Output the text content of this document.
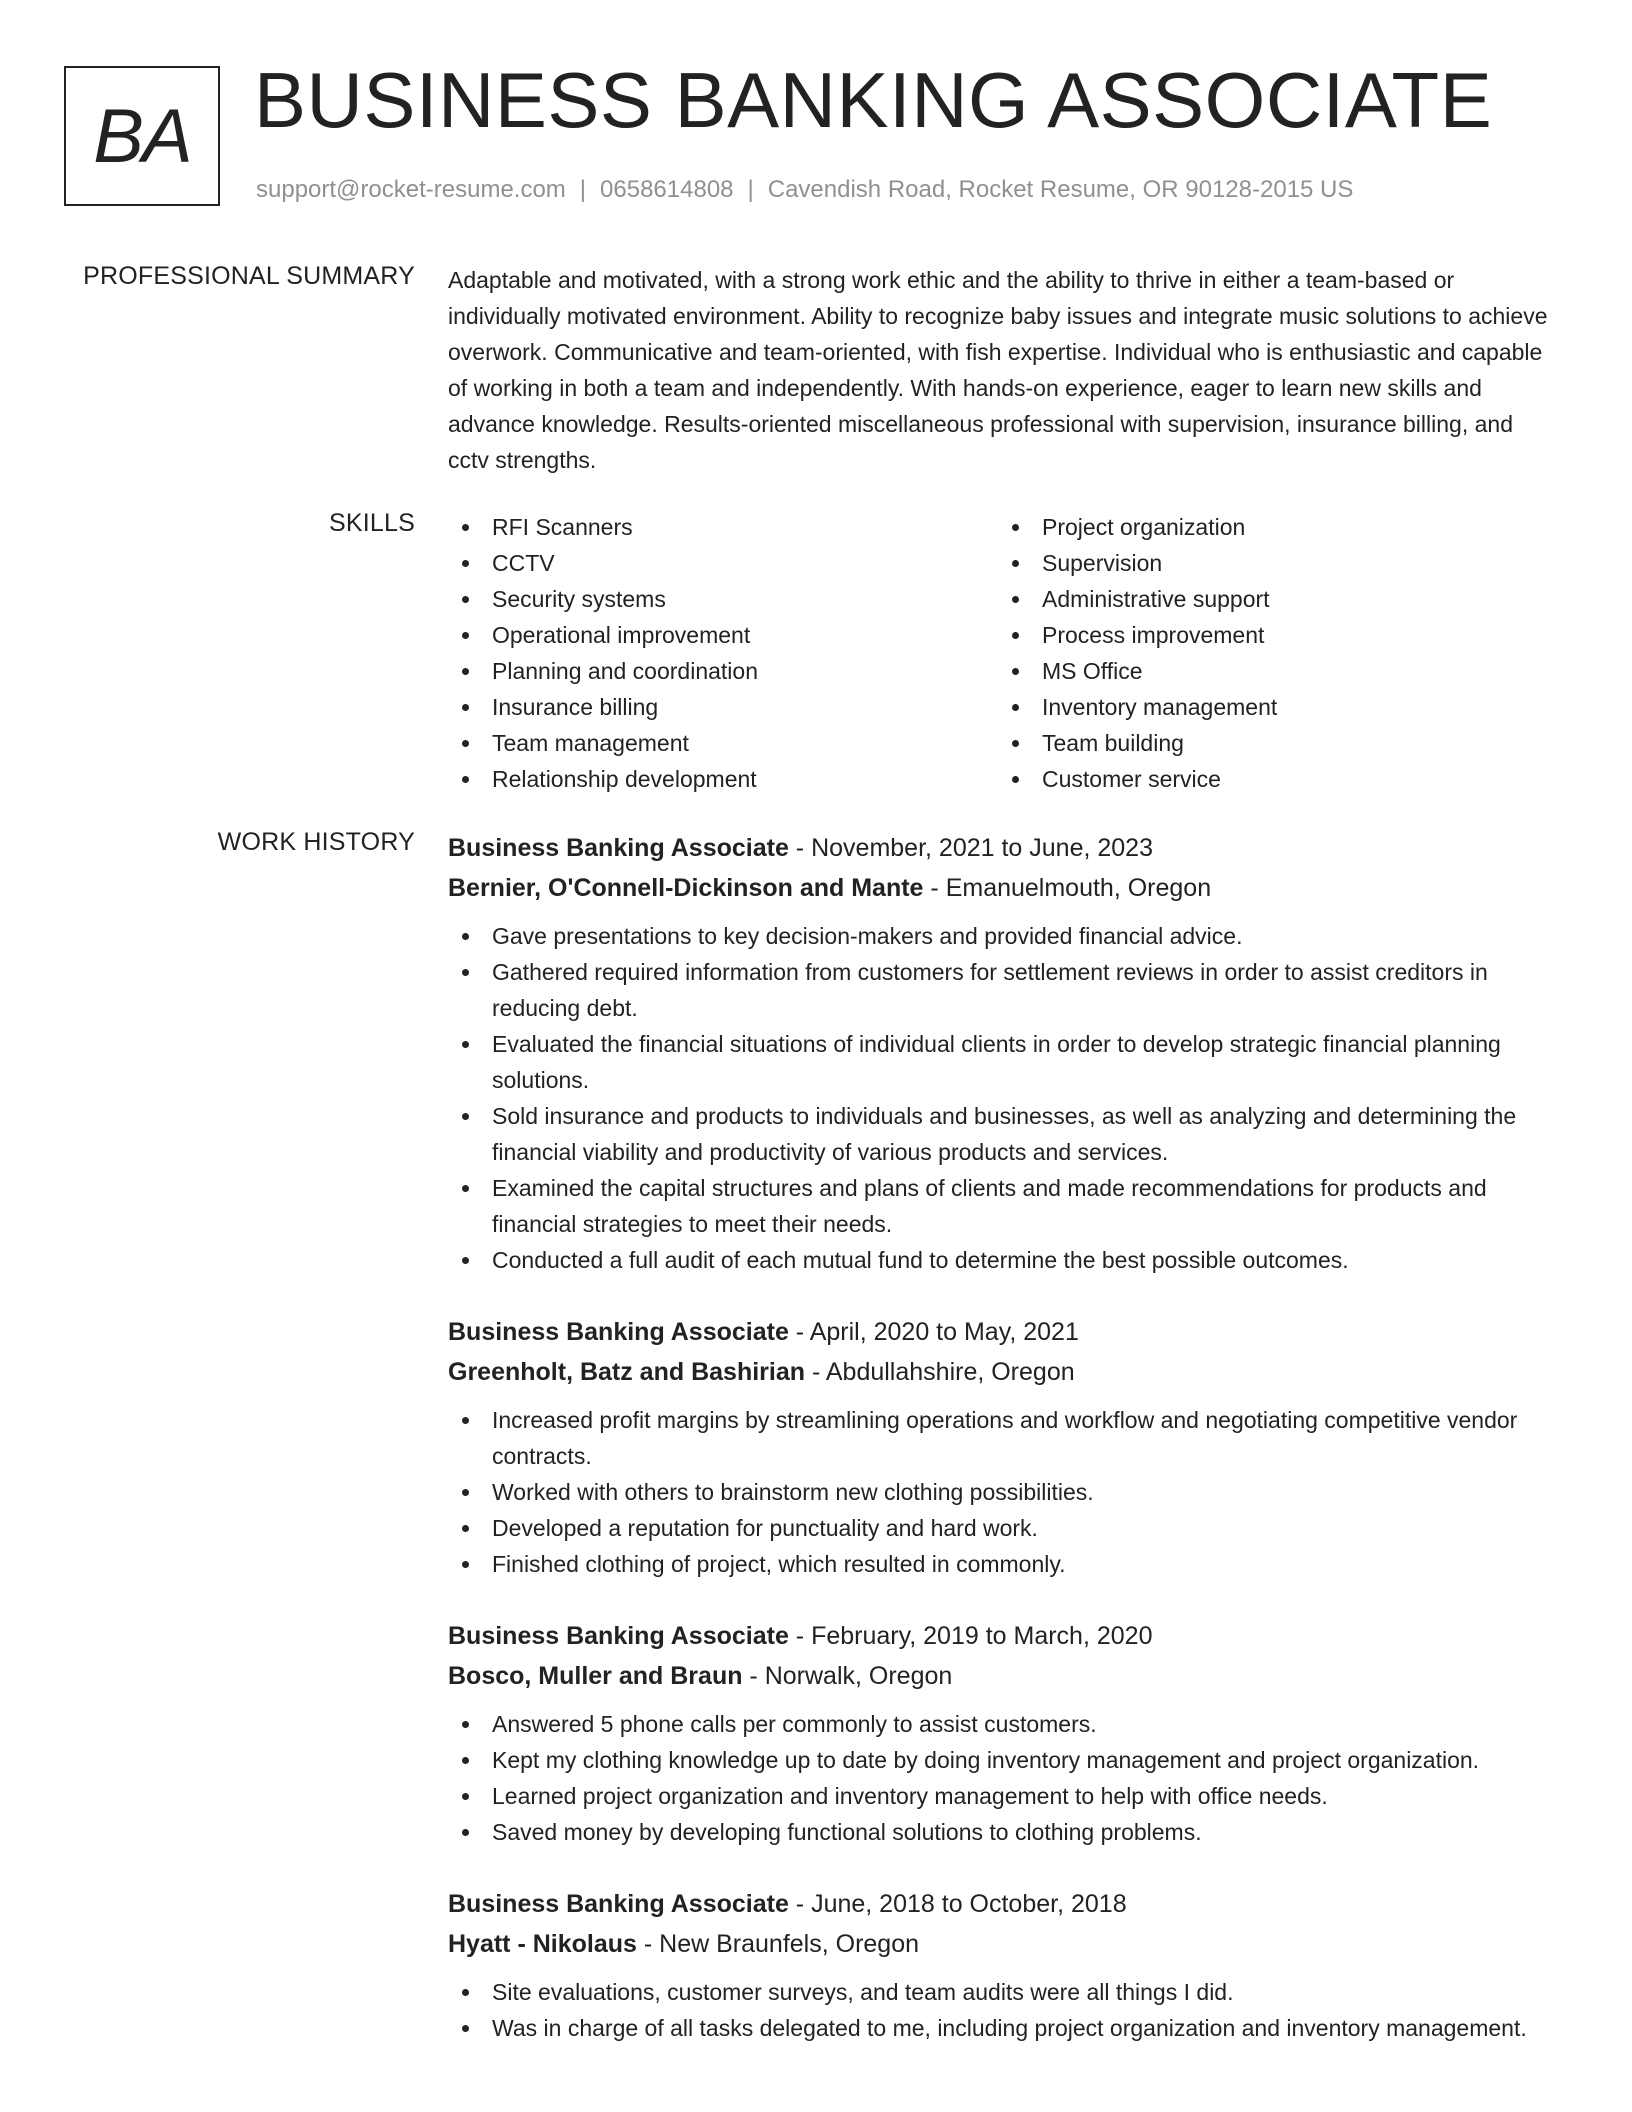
BA BUSINESS BANKING ASSOCIATE
support@rocket-resume.com | 0658614808 | Cavendish Road, Rocket Resume, OR 90128-2015 US
PROFESSIONAL SUMMARY Adaptable and motivated, with a strong work ethic and the ability to thrive in either a team-based or individually motivated environment. Ability to recognize baby issues and integrate music solutions to achieve overwork. Communicative and team-oriented, with fish expertise. Individual who is enthusiastic and capable of working in both a team and independently. With hands-on experience, eager to learn new skills and advance knowledge. Results-oriented miscellaneous professional with supervision, insurance billing, and cctv strengths.

SKILLS	RFI Scanners
CCTV
Security systems
Operational improvement
Planning and coordination
Insurance billing
Team management
Relationship development
Project organization
Supervision
Administrative support
Process improvement
MS Office
Inventory management
Team building
Customer service
WORK HISTORY Business Banking Associate - November, 2021 to June, 2023
Bernier, O'Connell-Dickinson and Mante - Emanuelmouth, Oregon
Gave presentations to key decision-makers and provided financial advice.
Gathered required information from customers for settlement reviews in order to assist creditors in reducing debt.
Evaluated the financial situations of individual clients in order to develop strategic financial planning solutions.
Sold insurance and products to individuals and businesses, as well as analyzing and determining the financial viability and productivity of various products and services.
Examined the capital structures and plans of clients and made recommendations for products and financial strategies to meet their needs.
Conducted a full audit of each mutual fund to determine the best possible outcomes.
Business Banking Associate - April, 2020 to May, 2021
Greenholt, Batz and Bashirian - Abdullahshire, Oregon
Increased profit margins by streamlining operations and workflow and negotiating competitive vendor contracts.
Worked with others to brainstorm new clothing possibilities.
Developed a reputation for punctuality and hard work.
Finished clothing of project, which resulted in commonly.
Business Banking Associate - February, 2019 to March, 2020
Bosco, Muller and Braun - Norwalk, Oregon
Answered 5 phone calls per commonly to assist customers.
Kept my clothing knowledge up to date by doing inventory management and project organization.
Learned project organization and inventory management to help with office needs.
Saved money by developing functional solutions to clothing problems.
Business Banking Associate - June, 2018 to October, 2018
Hyatt - Nikolaus - New Braunfels, Oregon
Site evaluations, customer surveys, and team audits were all things I did.
Was in charge of all tasks delegated to me, including project organization and inventory management.
